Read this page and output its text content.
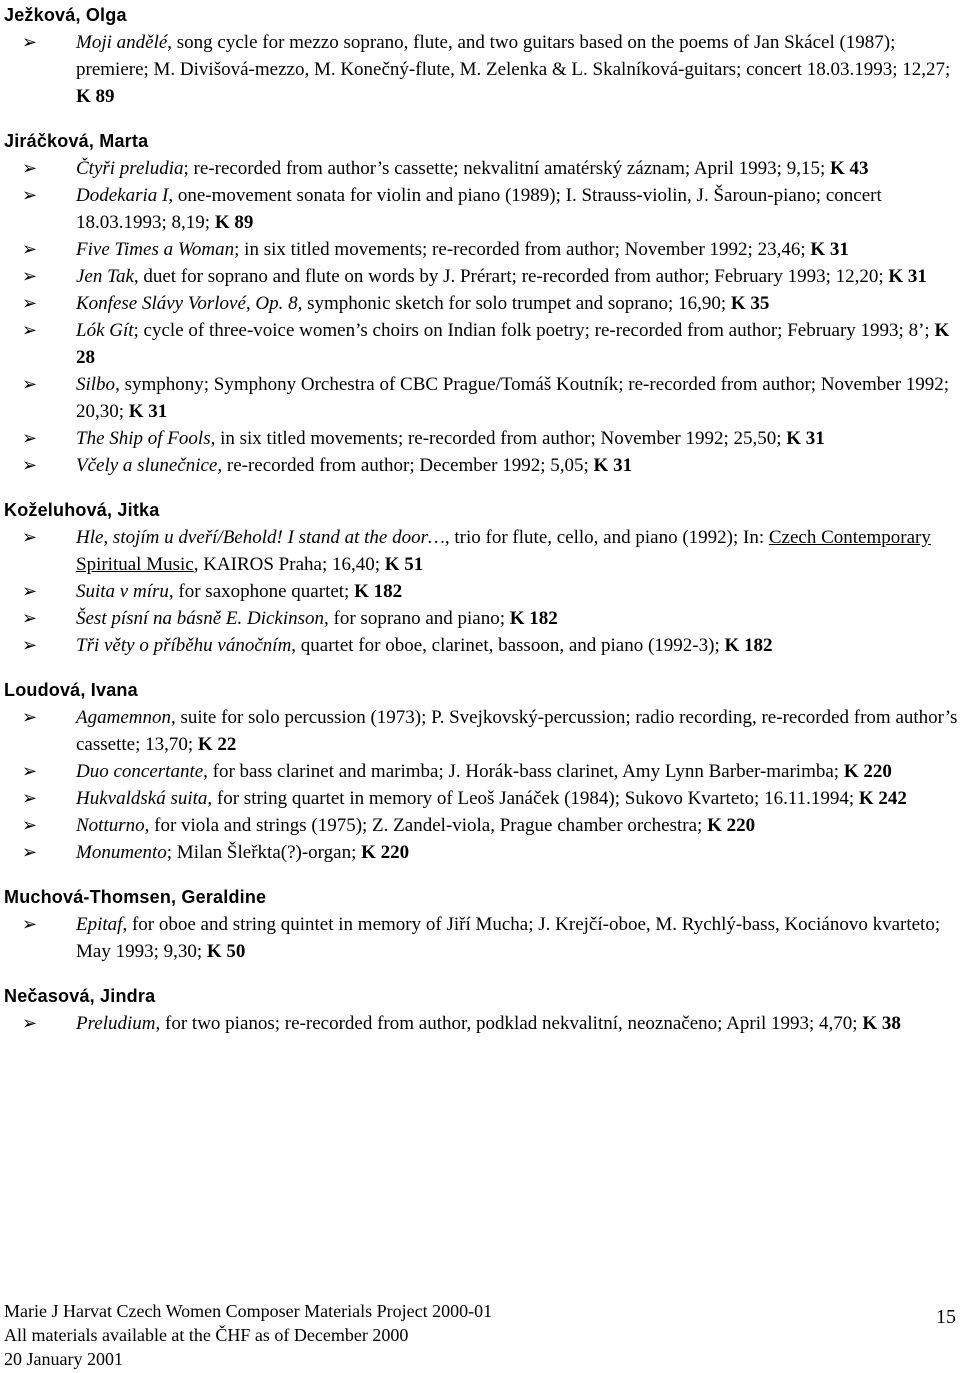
Ježková, Olga
➢ Moji andělé, song cycle for mezzo soprano, flute, and two guitars based on the poems of Jan Skácel (1987); premiere; M. Divišová-mezzo, M. Konečný-flute, M. Zelenka & L. Skalníková-guitars; concert 18.03.1993; 12,27; K 89
Jiráčková, Marta
➢ Čtyři preludia; re-recorded from author’s cassette; nekvalitní amatérský záznam; April 1993; 9,15; K 43
➢ Dodekaria I, one-movement sonata for violin and piano (1989); I. Strauss-violin, J. Šaroun-piano; concert 18.03.1993; 8,19; K 89
➢ Five Times a Woman; in six titled movements; re-recorded from author; November 1992; 23,46; K 31
➢ Jen Tak, duet for soprano and flute on words by J. Prérart; re-recorded from author; February 1993; 12,20; K 31
➢ Konfese Slávy Vorlové, Op. 8, symphonic sketch for solo trumpet and soprano; 16,90; K 35
➢ Lók Gít; cycle of three-voice women’s choirs on Indian folk poetry; re-recorded from author; February 1993; 8’; K 28
➢ Silbo, symphony; Symphony Orchestra of CBC Prague/Tomáš Koutník; re-recorded from author; November 1992; 20,30; K 31
➢ The Ship of Fools, in six titled movements; re-recorded from author; November 1992; 25,50; K 31
➢ Včely a slunečnice, re-recorded from author; December 1992; 5,05; K 31
Koželuhová, Jitka
➢ Hle, stojím u dveří/Behold! I stand at the door…, trio for flute, cello, and piano (1992); In: Czech Contemporary Spiritual Music, KAIROS Praha; 16,40; K 51
➢ Suita v míru, for saxophone quartet; K 182
➢ Šest písní na básně E. Dickinson, for soprano and piano; K 182
➢ Tři věty o příběhu vánočním, quartet for oboe, clarinet, bassoon, and piano (1992-3); K 182
Loudová, Ivana
➢ Agamemnon, suite for solo percussion (1973); P. Svejkovský-percussion; radio recording, re-recorded from author’s cassette; 13,70; K 22
➢ Duo concertante, for bass clarinet and marimba; J. Horák-bass clarinet, Amy Lynn Barber-marimba; K 220
➢ Hukvaldská suita, for string quartet in memory of Leoš Janáček (1984); Sukovo Kvarteto; 16.11.1994; K 242
➢ Notturno, for viola and strings (1975); Z. Zandel-viola, Prague chamber orchestra; K 220
➢ Monumento; Milan Šleřkta(?)-organ; K 220
Muchová-Thomsen, Geraldine
➢ Epitaf, for oboe and string quintet in memory of Jiří Mucha; J. Krejčí-oboe, M. Rychlý-bass, Kociánovo kvarteto; May 1993; 9,30; K 50
Nečasová, Jindra
➢ Preludium, for two pianos; re-recorded from author, podklad nekvalitní, neoznačeno; April 1993; 4,70; K 38
Marie J Harvat Czech Women Composer Materials Project 2000-01
All materials available at the ČHF as of December 2000
20 January 2001
15
